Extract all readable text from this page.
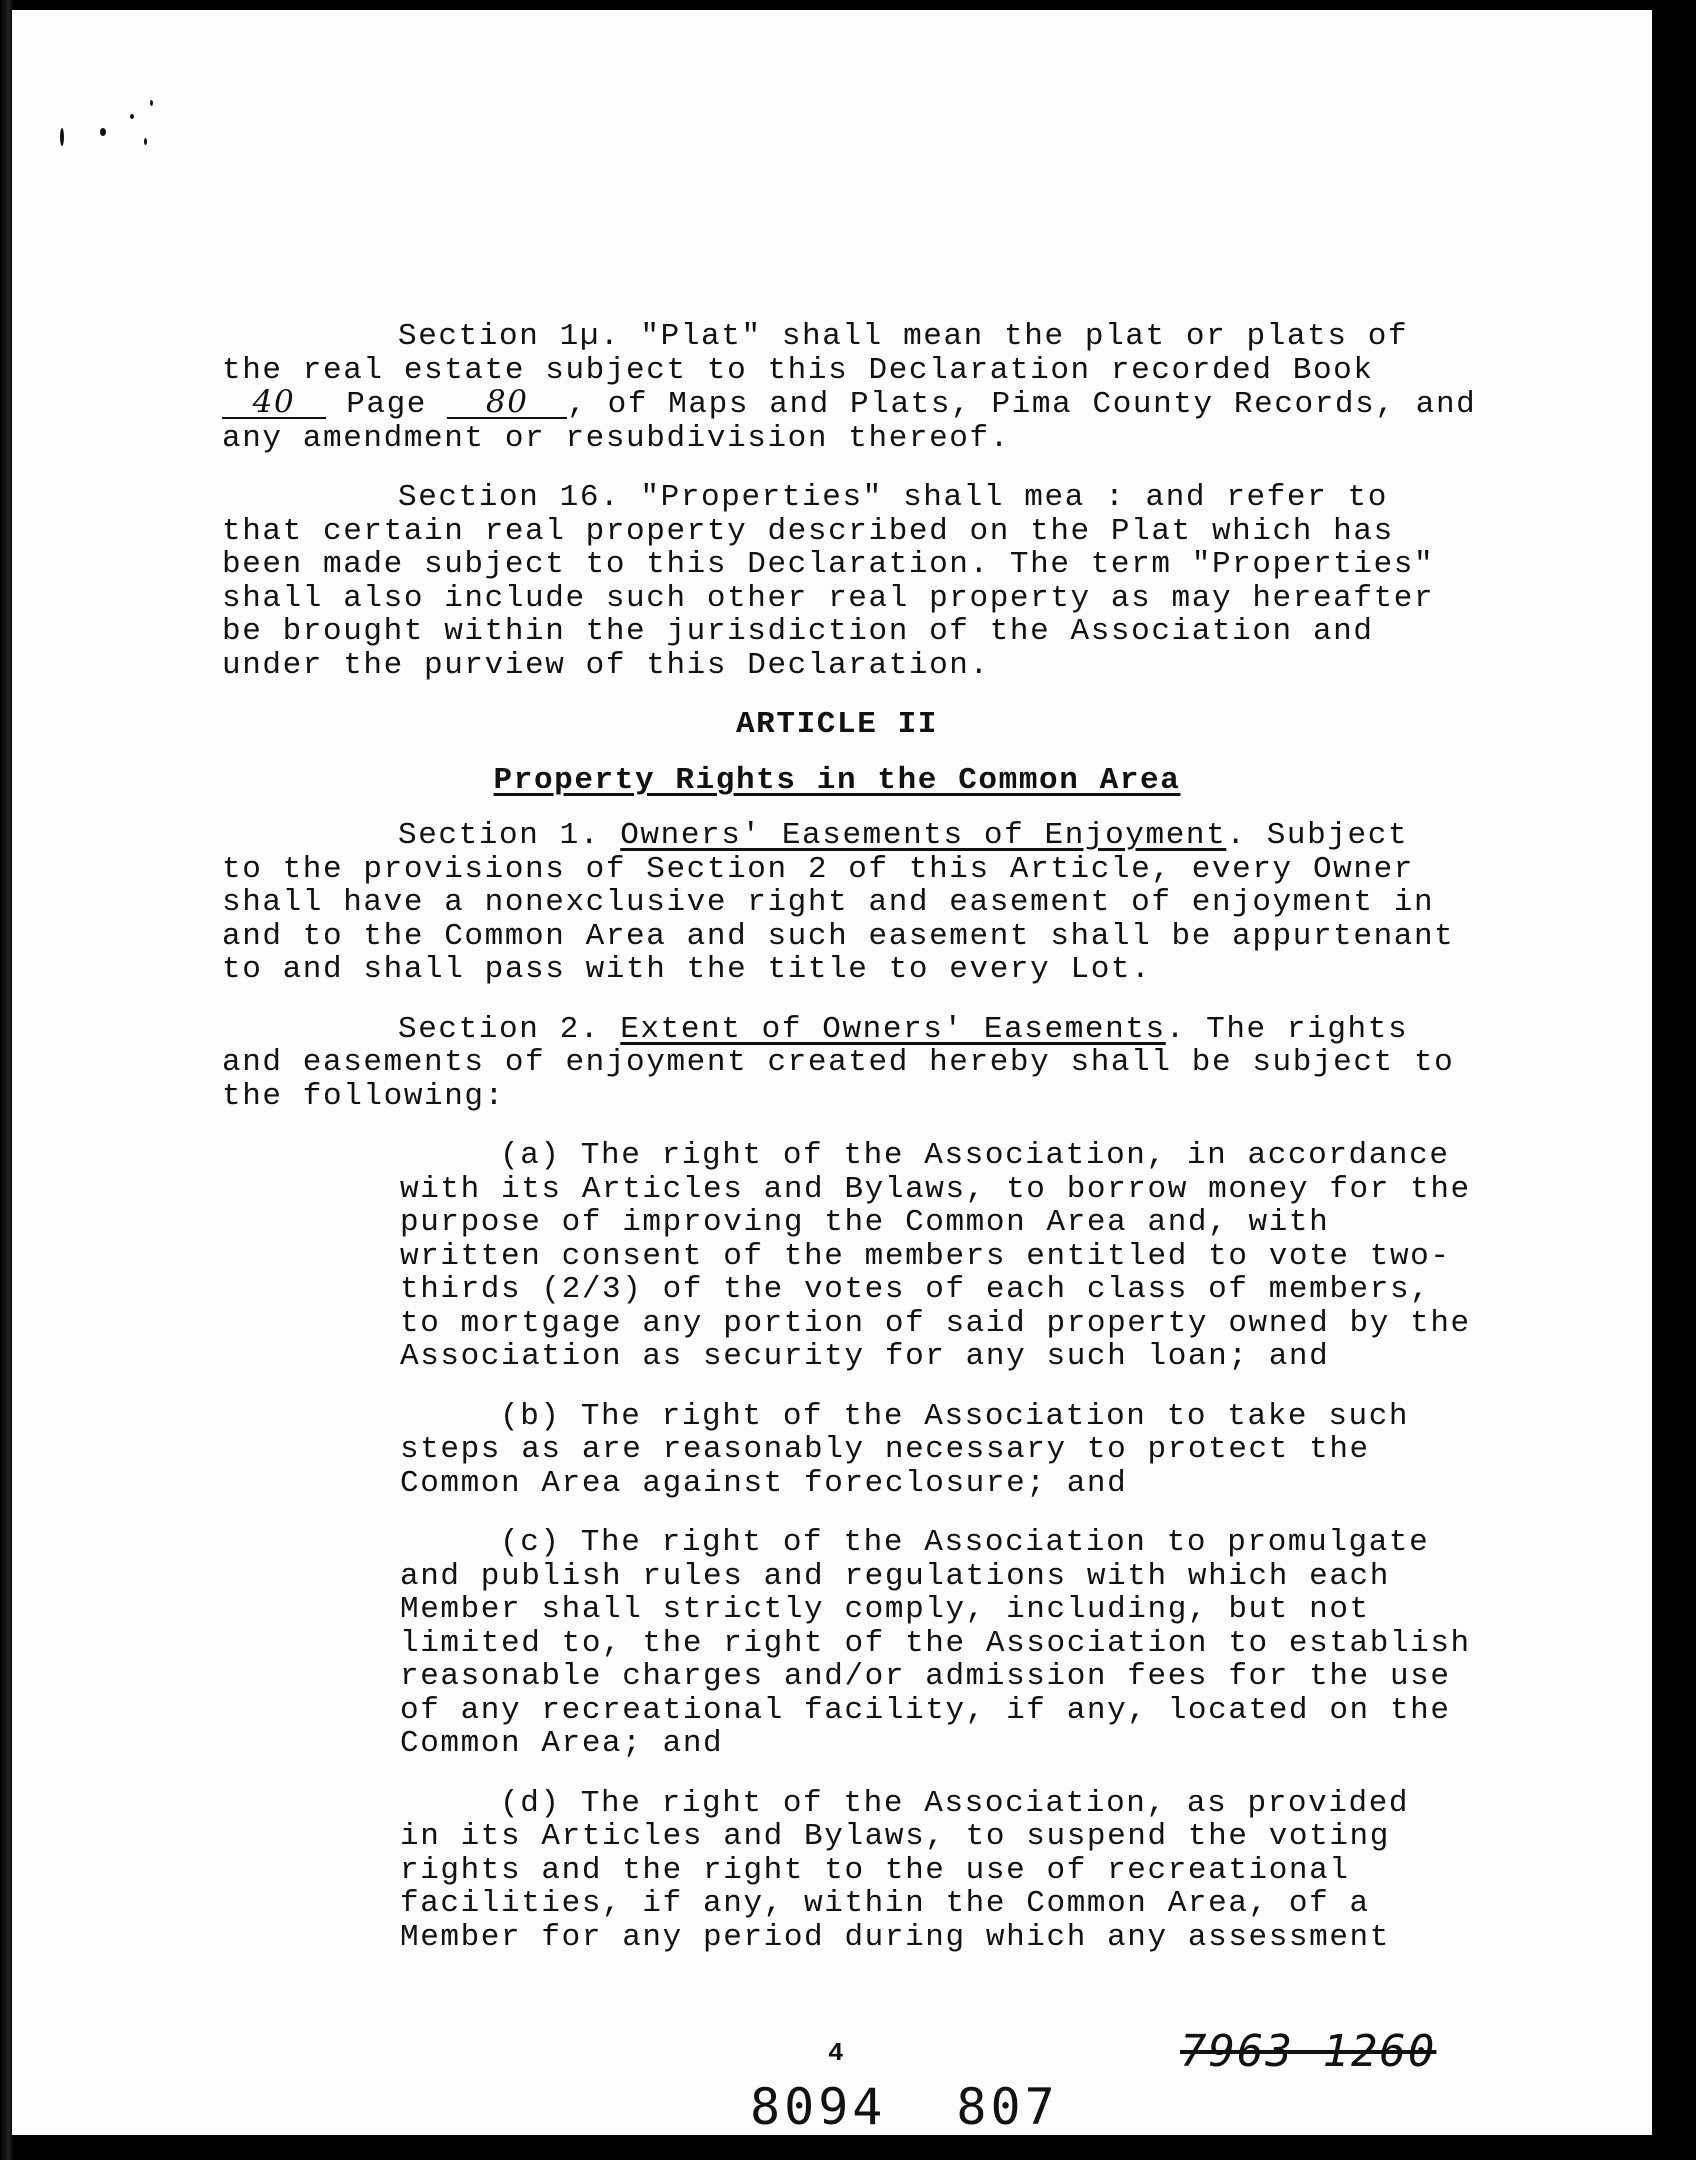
Section 1µ. "Plat" shall mean the plat or plats of
the real estate subject to this Declaration recorded Book
40 Page 80 , of Maps and Plats, Pima County Records, and
any amendment or resubdivision thereof.
Section 16. "Properties" shall mea : and refer to
that certain real property described on the Plat which has
been made subject to this Declaration. The term "Properties"
shall also include such other real property as may hereafter
be brought within the jurisdiction of the Association and
under the purview of this Declaration.
ARTICLE II
Property Rights in the Common Area
Section 1. Owners' Easements of Enjoyment. Subject
to the provisions of Section 2 of this Article, every Owner
shall have a nonexclusive right and easement of enjoyment in
and to the Common Area and such easement shall be appurtenant
to and shall pass with the title to every Lot.
Section 2. Extent of Owners' Easements. The rights
and easements of enjoyment created hereby shall be subject to
the following:
(a) The right of the Association, in accordance
with its Articles and Bylaws, to borrow money for the
purpose of improving the Common Area and, with
written consent of the members entitled to vote two-
thirds (2/3) of the votes of each class of members,
to mortgage any portion of said property owned by the
Association as security for any such loan; and
(b) The right of the Association to take such
steps as are reasonably necessary to protect the
Common Area against foreclosure; and
(c) The right of the Association to promulgate
and publish rules and regulations with which each
Member shall strictly comply, including, but not
limited to, the right of the Association to establish
reasonable charges and/or admission fees for the use
of any recreational facility, if any, located on the
Common Area; and
(d) The right of the Association, as provided
in its Articles and Bylaws, to suspend the voting
rights and the right to the use of recreational
facilities, if any, within the Common Area, of a
Member for any period during which any assessment
4	7963 1260
8094 807
